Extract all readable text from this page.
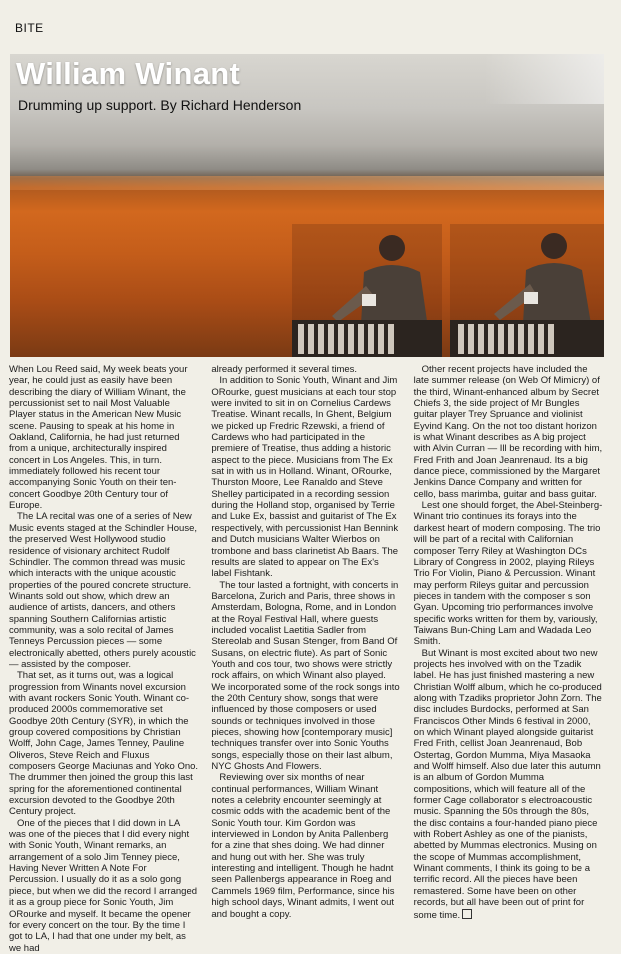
BITE
William Winant
Drumming up support. By Richard Henderson

When Lou Reed said, My week beats your year, he could just as easily have been describing the diary of William Winant, the percussionist set to nail Most Valuable Player status in the American New Music scene. Pausing to speak at his home in Oakland, California, he had just returned from a unique, architecturally inspired concert in Los Angeles. This, in turn. immediately followed his recent tour accompanying Sonic Youth on their ten-concert Goodbye 20th Century tour of Europe.

The LA recital was one of a series of New Music events staged at the Schindler House, the preserved West Hollywood studio residence of visionary architect Rudolf Schindler. The common thread was music which interacts with the unique acoustic properties of the poured concrete structure. Winants sold out show, which drew an audience of artists, dancers, and others spanning Southern Californias artistic community, was a solo recital of James Tenneys Percussion pieces — some electronically abetted, others purely acoustic — assisted by the composer.

That set, as it turns out, was a logical progression from Winants novel excursion with avant rockers Sonic Youth. Winant co-produced 2000s commemorative set Goodbye 20th Century (SYR), in which the group covered compositions by Christian Wolff, John Cage, James Tenney, Pauline Oliveros, Steve Reich and Fluxus composers George Maciunas and Yoko Ono. The drummer then joined the group this last spring for the aforementioned continental excursion devoted to the Goodbye 20th Century project.

One of the pieces that I did down in LA was one of the pieces that I did every night with Sonic Youth, Winant remarks, an arrangement of a solo Jim Tenney piece, Having Never Written A Note For Percussion. I usually do it as a solo gong piece, but when we did the record I arranged it as a group piece for Sonic Youth, Jim ORourke and myself. It became the opener for every concert on the tour. By the time I got to LA, I had that one under my belt, as we had

already performed it several times.

In addition to Sonic Youth, Winant and Jim ORourke, guest musicians at each tour stop were invited to sit in on Cornelius Cardews Treatise. Winant recalls, In Ghent, Belgium we picked up Fredric Rzewski, a friend of Cardews who had participated in the premiere of Treatise, thus adding a historic aspect to the piece. Musicians from The Ex sat in with us in Holland. Winant, ORourke, Thurston Moore, Lee Ranaldo and Steve Shelley participated in a recording session during the Holland stop, organised by Terrie and Luke Ex, bassist and guitarist of The Ex respectively, with percussionist Han Bennink and Dutch musicians Walter Wierbos on trombone and bass clarinetist Ab Baars. The results are slated to appear on The Ex's label Fishtank.

The tour lasted a fortnight, with concerts in Barcelona, Zurich and Paris, three shows in Amsterdam, Bologna, Rome, and in London at the Royal Festival Hall, where guests included vocalist Laetitia Sadler from Stereolab and Susan Stenger, from Band Of Susans, on electric flute). As part of Sonic Youth and cos tour, two shows were strictly rock affairs, on which Winant also played. We incorporated some of the rock songs into the 20th Century show, songs that were influenced by those composers or used sounds or techniques involved in those pieces, showing how [contemporary music] techniques transfer over into Sonic Youths songs, especially those on their last album, NYC Ghosts And Flowers.

Reviewing over six months of near continual performances, William Winant notes a celebrity encounter seemingly at cosmic odds with the academic bent of the Sonic Youth tour. Kim Gordon was interviewed in London by Anita Pallenberg for a zine that shes doing. We had dinner and hung out with her. She was truly interesting and intelligent. Though he hadnt seen Pallenbergs appearance in Roeg and Cammels 1969 film, Performance, since his high school days, Winant admits, I went out and bought a copy.

Other recent projects have included the late summer release (on Web Of Mimicry) of the third, Winant-enhanced album by Secret Chiefs 3, the side project of Mr Bungles guitar player Trey Spruance and violinist Eyvind Kang. On the not too distant horizon is what Winant describes as A big project with Alvin Curran — Ill be recording with him, Fred Frith and Joan Jeanrenaud. Its a big dance piece, commissioned by the Margaret Jenkins Dance Company and written for cello, bass marimba, guitar and bass guitar.

Lest one should forget, the Abel-Steinberg-Winant trio continues its forays into the darkest heart of modern composing. The trio will be part of a recital with Californian composer Terry Riley at Washington DCs Library of Congress in 2002, playing Rileys Trio For Violin, Piano & Percussion. Winant may perform Rileys guitar and percussion pieces in tandem with the composer s son Gyan. Upcoming trio performances involve specific works written for them by, variously, Taiwans Bun-Ching Lam and Wadada Leo Smith.

But Winant is most excited about two new projects hes involved with on the Tzadik label. He has just finished mastering a new Christian Wolff album, which he co-produced along with Tzadiks proprietor John Zorn. The disc includes Burdocks, performed at San Franciscos Other Minds 6 festival in 2000, on which Winant played alongside guitarist Fred Frith, cellist Joan Jeanrenaud, Bob Ostertag, Gordon Mumma, Miya Masaoka and Wolff himself. Also due later this autumn is an album of Gordon Mumma compositions, which will feature all of the former Cage collaborator s electroacoustic music. Spanning the 50s through the 80s, the disc contains a four-handed piano piece with Robert Ashley as one of the pianists, abetted by Mummas electronics. Musing on the scope of Mummas accomplishment, Winant comments, I think its going to be a terrific record. All the pieces have been remastered. Some have been on other records, but all have been out of print for some time.
